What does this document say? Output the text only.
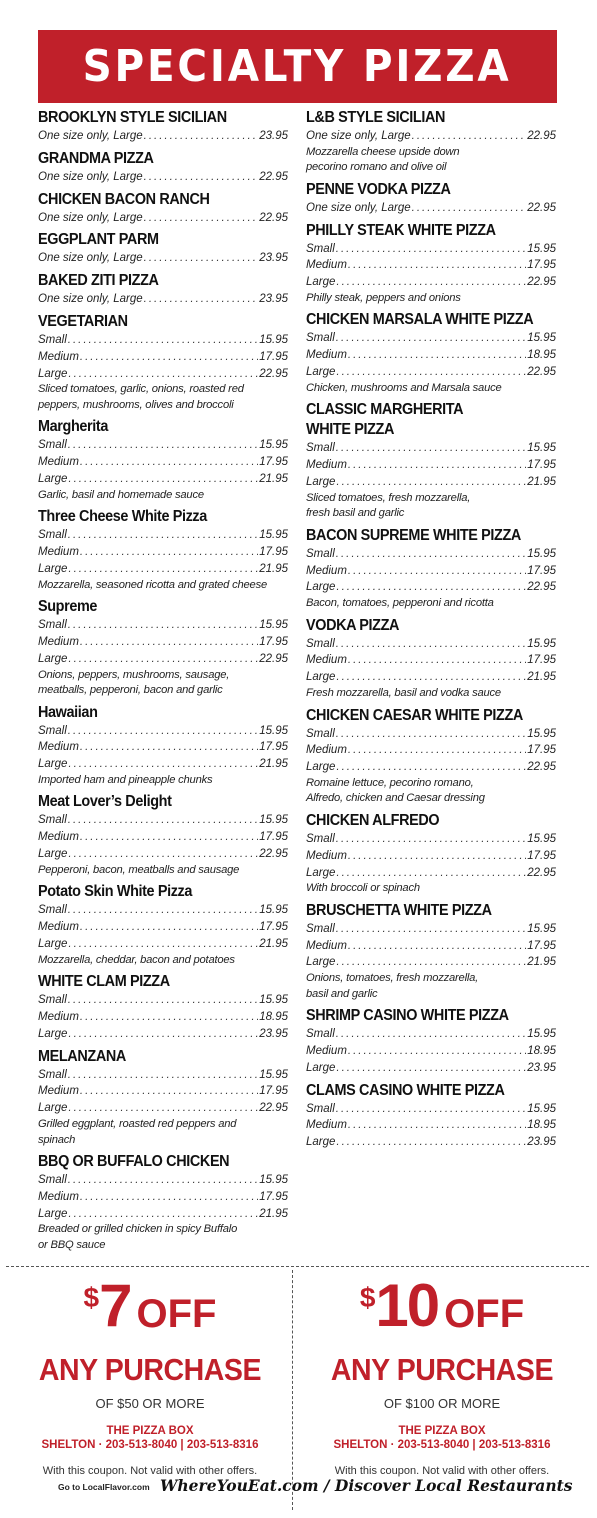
SPECIALTY PIZZA
BROOKLYN STYLE SICILIAN
One size only, Large .....	23.95
GRANDMA PIZZA
One size only, Large .....	22.95
CHICKEN BACON RANCH
One size only, Large .....	22.95
EGGPLANT PARM
One size only, Large .....	23.95
BAKED ZITI PIZZA
One size only, Large .....	23.95
VEGETARIAN
Small .....	15.95
Medium .....	17.95
Large .....	22.95
Sliced tomatoes, garlic, onions, roasted red
peppers, mushrooms, olives and broccoli
Margherita
Small .....	15.95
Medium .....	17.95
Large .....	21.95
Garlic, basil and homemade sauce
Three Cheese White Pizza
Small .....	15.95
Medium .....	17.95
Large .....	21.95
Mozzarella, seasoned ricotta and grated cheese
Supreme
Small .....	15.95
Medium .....	17.95
Large .....	22.95
Onions, peppers, mushrooms, sausage,
meatballs, pepperoni, bacon and garlic
Hawaiian
Small .....	15.95
Medium .....	17.95
Large .....	21.95
Imported ham and pineapple chunks
Meat Lover’s Delight
Small .....	15.95
Medium .....	17.95
Large .....	22.95
Pepperoni, bacon, meatballs and sausage
Potato Skin White Pizza
Small .....	15.95
Medium .....	17.95
Large .....	21.95
Mozzarella, cheddar, bacon and potatoes
WHITE CLAM PIZZA
Small .....	15.95
Medium .....	18.95
Large .....	23.95
MELANZANA
Small .....	15.95
Medium .....	17.95
Large .....	22.95
Grilled eggplant, roasted red peppers and
spinach
BBQ OR BUFFALO CHICKEN
Small .....	15.95
Medium .....	17.95
Large .....	21.95
Breaded or grilled chicken in spicy Buffalo
or BBQ sauce
L&B STYLE SICILIAN
One size only, Large .....	22.95
Mozzarella cheese upside down
pecorino romano and olive oil
PENNE VODKA PIZZA
One size only, Large .....	22.95
PHILLY STEAK WHITE PIZZA
Small .....	15.95
Medium .....	17.95
Large .....	22.95
Philly steak, peppers and onions
CHICKEN MARSALA WHITE PIZZA
Small .....	15.95
Medium .....	18.95
Large .....	22.95
Chicken, mushrooms and Marsala sauce
CLASSIC MARGHERITA
WHITE PIZZA
Small .....	15.95
Medium .....	17.95
Large .....	21.95
Sliced tomatoes, fresh mozzarella,
fresh basil and garlic
BACON SUPREME WHITE PIZZA
Small .....	15.95
Medium .....	17.95
Large .....	22.95
Bacon, tomatoes, pepperoni and ricotta
VODKA PIZZA
Small .....	15.95
Medium .....	17.95
Large .....	21.95
Fresh mozzarella, basil and vodka sauce
CHICKEN CAESAR WHITE PIZZA
Small .....	15.95
Medium .....	17.95
Large .....	22.95
Romaine lettuce, pecorino romano,
Alfredo, chicken and Caesar dressing
CHICKEN ALFREDO
Small .....	15.95
Medium .....	17.95
Large .....	22.95
With broccoli or spinach
BRUSCHETTA WHITE PIZZA
Small .....	15.95
Medium .....	17.95
Large .....	21.95
Onions, tomatoes, fresh mozzarella,
basil and garlic
SHRIMP CASINO WHITE PIZZA
Small .....	15.95
Medium .....	18.95
Large .....	23.95
CLAMS CASINO WHITE PIZZA
Small .....	15.95
Medium .....	18.95
Large .....	23.95
$ 7 OFF
ANY PURCHASE
OF $50 OR MORE
THE PIZZA BOX
SHELTON · 203-513-8040 | 203-513-8316
With this coupon. Not valid with other offers.
$ 10 OFF
ANY PURCHASE
OF $100 OR MORE
THE PIZZA BOX
SHELTON · 203-513-8040 | 203-513-8316
With this coupon. Not valid with other offers.
Go to LocalFlavor.com WhereYouEat.com / Discover Local Restaurants
